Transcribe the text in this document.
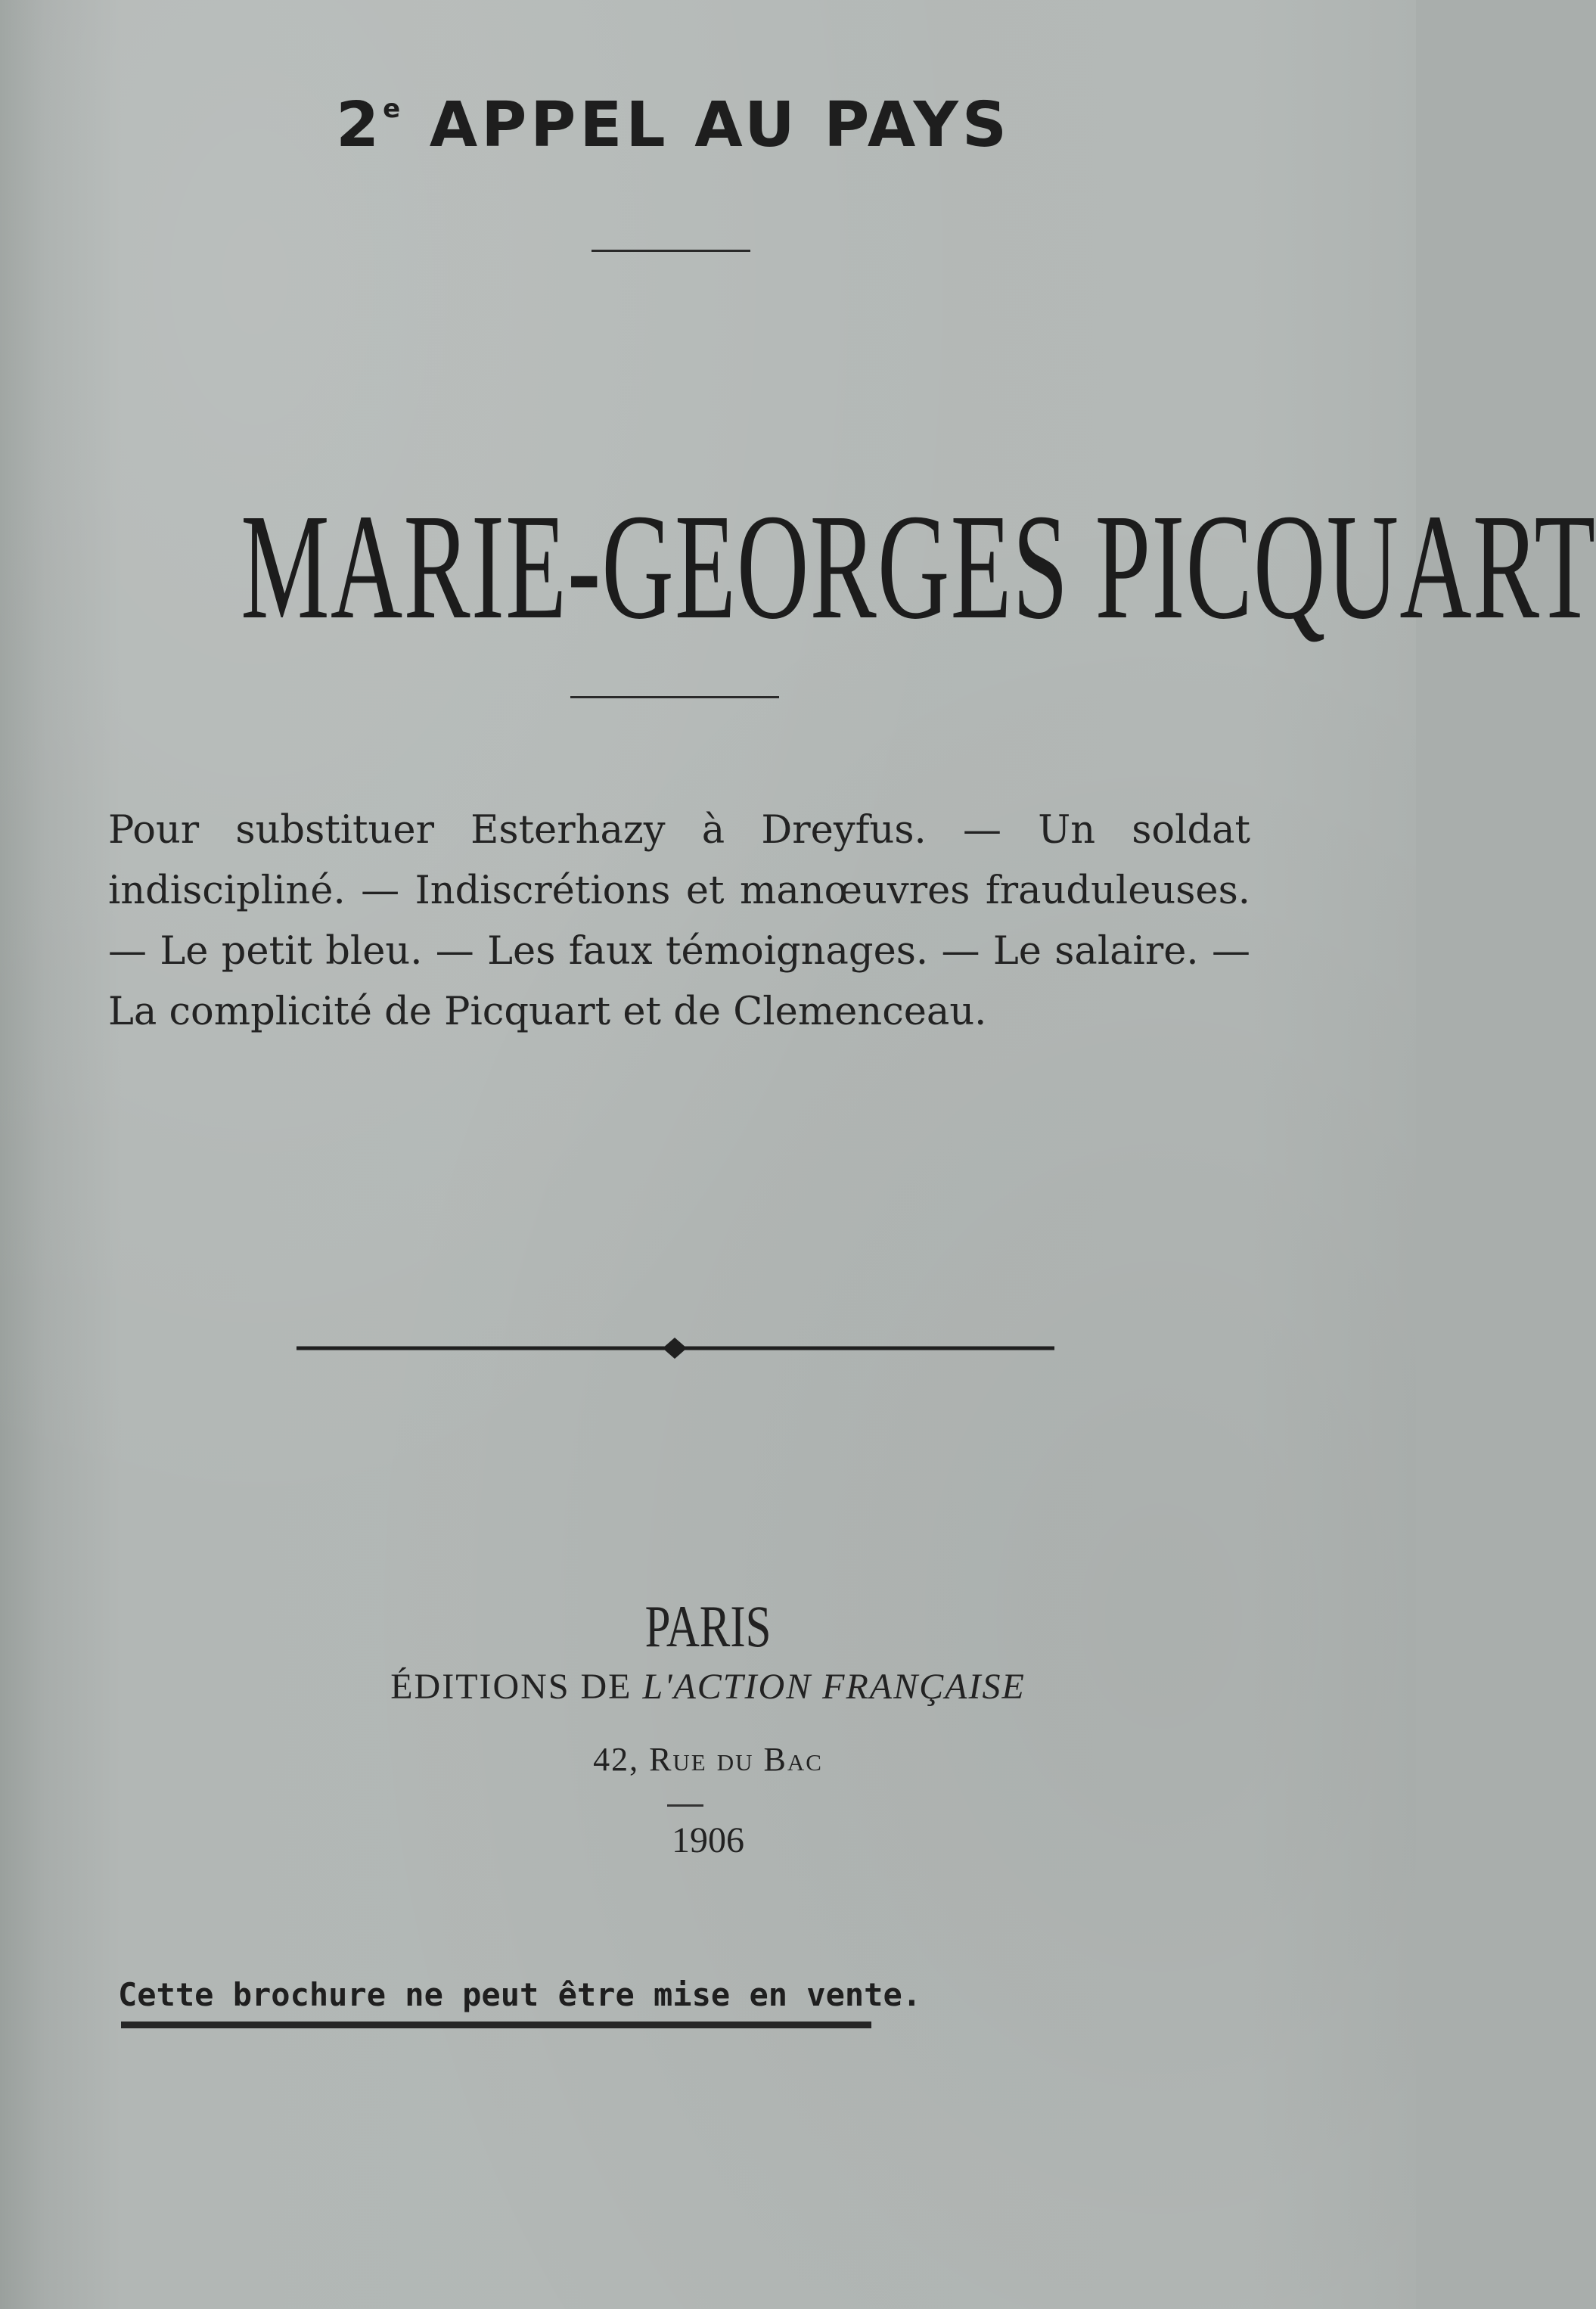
2e APPEL AU PAYS
MARIE-GEORGES PICQUART
Pour substituer Esterhazy à Dreyfus. — Un soldat indiscipliné. — Indiscrétions et manœuvres frauduleuses. — Le petit bleu. — Les faux témoignages. — Le salaire. — La complicité de Picquart et de Clemenceau.
PARIS
ÉDITIONS DE L'ACTION FRANÇAISE
42, Rue du Bac
1906
Cette brochure ne peut être mise en vente.
